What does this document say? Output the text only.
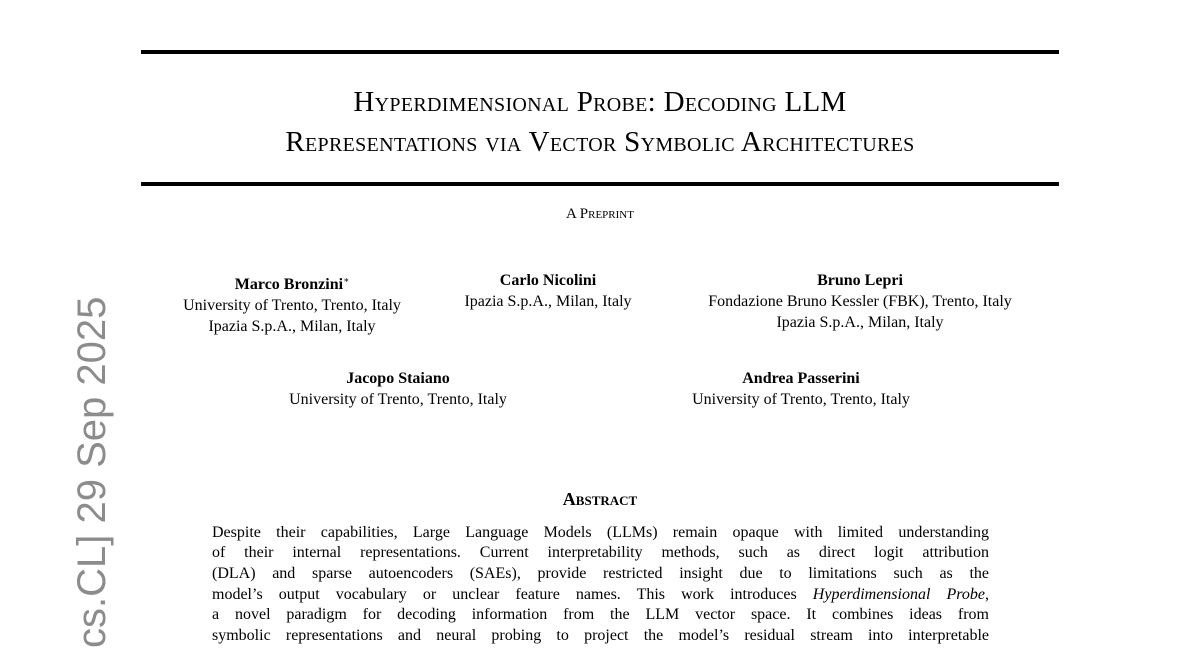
cs.CL] 29 Sep 2025
Hyperdimensional Probe: Decoding LLM
Representations via Vector Symbolic Architectures
A Preprint
Marco Bronzini∗
University of Trento, Trento, Italy
Ipazia S.p.A., Milan, Italy
Carlo Nicolini
Ipazia S.p.A., Milan, Italy
Bruno Lepri
Fondazione Bruno Kessler (FBK), Trento, Italy
Ipazia S.p.A., Milan, Italy
Jacopo Staiano
University of Trento, Trento, Italy
Andrea Passerini
University of Trento, Trento, Italy
Abstract
Despite their capabilities, Large Language Models (LLMs) remain opaque with limited understanding
of their internal representations. Current interpretability methods, such as direct logit attribution
(DLA) and sparse autoencoders (SAEs), provide restricted insight due to limitations such as the
model’s output vocabulary or unclear feature names. This work introduces Hyperdimensional Probe,
a novel paradigm for decoding information from the LLM vector space. It combines ideas from
symbolic representations and neural probing to project the model’s residual stream into interpretable
